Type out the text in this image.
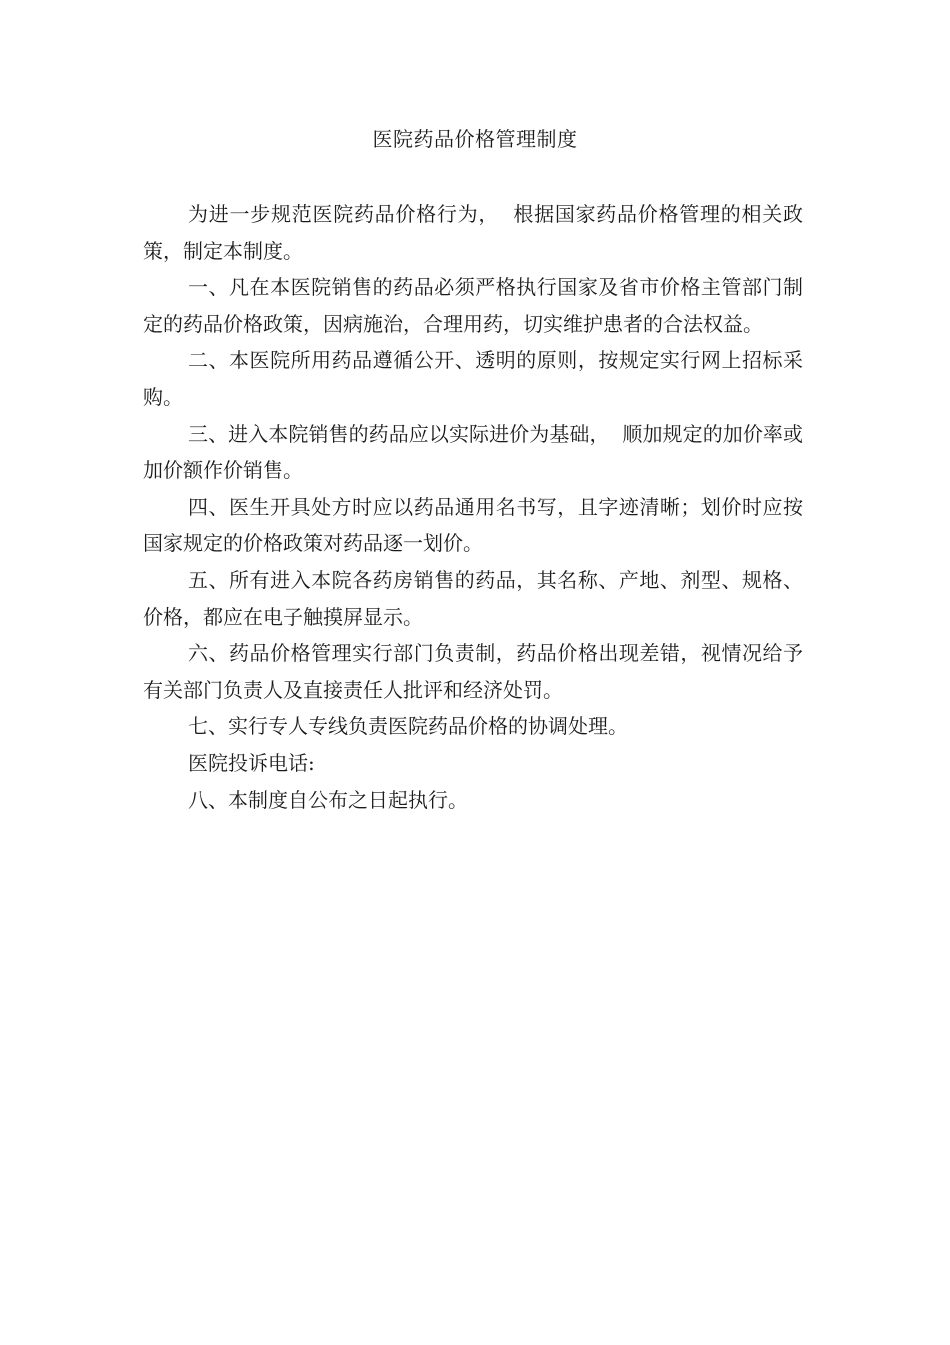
医院药品价格管理制度

为进一步规范医院药品价格行为，  根据国家药品价格管理的相关政策，制定本制度。

一、凡在本医院销售的药品必须严格执行国家及省市价格主管部门制定的药品价格政策，因病施治，合理用药，切实维护患者的合法权益。

二、本医院所用药品遵循公开、透明的原则，按规定实行网上招标采购。

三、进入本院销售的药品应以实际进价为基础，  顺加规定的加价率或加价额作价销售。

四、医生开具处方时应以药品通用名书写，且字迹清晰；划价时应按国家规定的价格政策对药品逐一划价。

五、所有进入本院各药房销售的药品，其名称、产地、剂型、规格、价格，都应在电子触摸屏显示。

六、药品价格管理实行部门负责制，药品价格出现差错，视情况给予有关部门负责人及直接责任人批评和经济处罚。

七、实行专人专线负责医院药品价格的协调处理。

医院投诉电话:

八、本制度自公布之日起执行。
